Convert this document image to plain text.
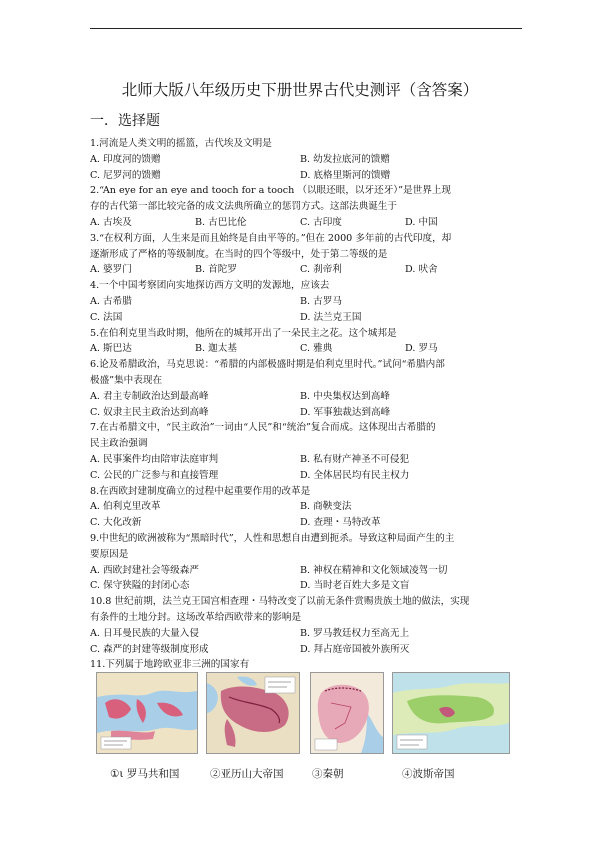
北师大版八年级历史下册世界古代史测评（含答案）
一．选择题
1.河流是人类文明的摇篮，古代埃及文明是
A. 印度河的馈赠	B. 幼发拉底河的馈赠
C. 尼罗河的馈赠	D. 底格里斯河的馈赠
2.“An eye for an eye and tooch for a tooch （以眼还眼，以牙还牙）”是世界上现
存的古代第一部比较完备的成文法典所确立的惩罚方式。这部法典诞生于
A. 古埃及	B. 古巴比伦	C. 古印度	D. 中国
3.“在权利方面，人生来是而且始终是自由平等的。”但在 2000 多年前的古代印度，却
逐渐形成了严格的等级制度。在当时的四个等级中，处于第二等级的是
A. 婆罗门	B. 首陀罗	C. 刹帝利	D. 吠舍
4.一个中国考察团向实地探访西方文明的发源地，应该去
A. 古希腊	B. 古罗马
C. 法国	D. 法兰克王国
5.在伯利克里当政时期，他所在的城邦开出了一朵民主之花。这个城邦是
A. 斯巴达	B. 迦太基	C. 雅典	D. 罗马
6.论及希腊政治，马克思说：“希腊的内部极盛时期是伯利克里时代。”试问“希腊内部
极盛”集中表现在
A. 君主专制政治达到最高峰	B. 中央集权达到高峰
C. 奴隶主民主政治达到高峰	D. 军事独裁达到高峰
7.在古希腊文中，“民主政治”一词由“人民”和“统治”复合而成。这体现出古希腊的
民主政治强调
A. 民事案件均由陪审法庭审判	B. 私有财产神圣不可侵犯
C. 公民的广泛参与和直接管理	D. 全体居民均有民主权力
8.在西欧封建制度确立的过程中起重要作用的改革是
A. 伯利克里改革	B. 商鞅变法
C. 大化改新	D. 查理・马特改革
9.中世纪的欧洲被称为“黑暗时代”，人性和思想自由遭到扼杀。导致这种局面产生的主
要原因是
A. 西欧封建社会等级森严	B. 神权在精神和文化领域凌驾一切
C. 保守狭隘的封闭心态	D. 当时老百姓大多是文盲
10.8 世纪前期，法兰克王国宫相查理・马特改变了以前无条件赏赐贵族土地的做法，实现
有条件的土地分封。这场改革给西欧带来的影响是
A. 日耳曼民族的大量入侵	B. 罗马教廷权力至高无上
C. 森严的封建等级制度形成	D. 拜占庭帝国被外族所灭
11.下列属于地跨欧亚非三洲的国家有
①ι 罗马共和国	②亚历山大帝国	③秦朝	④波斯帝国
